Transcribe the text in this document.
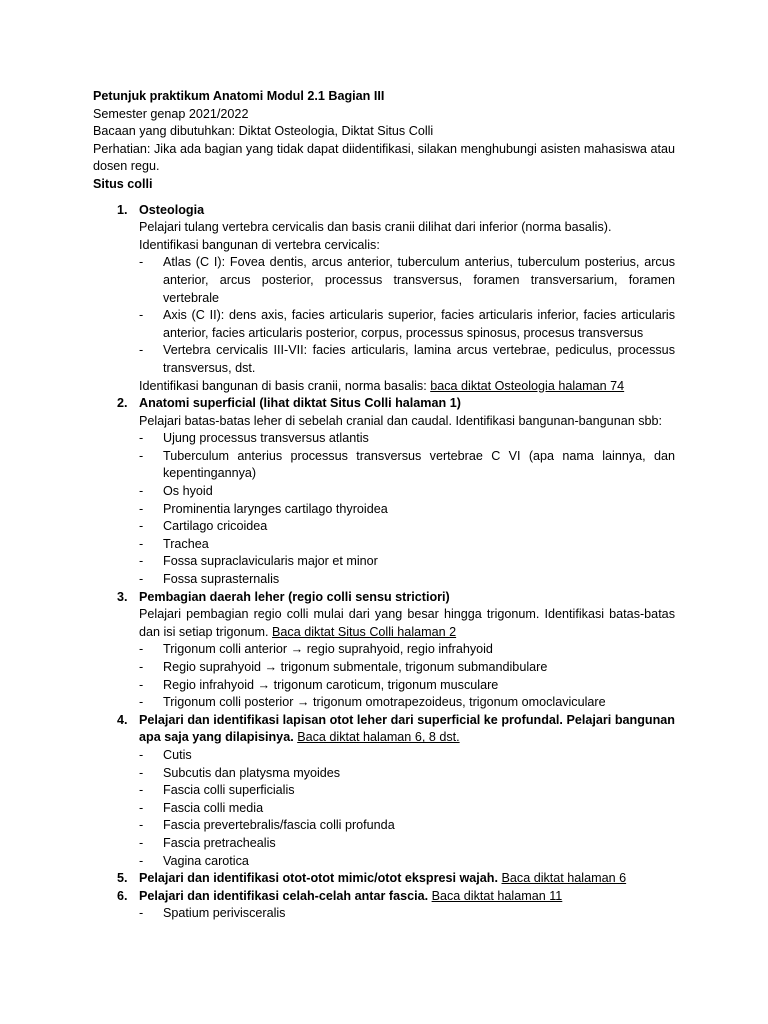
Petunjuk praktikum Anatomi Modul 2.1 Bagian III

Semester genap 2021/2022

Bacaan yang dibutuhkan: Diktat Osteologia, Diktat Situs Colli

Perhatian: Jika ada bagian yang tidak dapat diidentifikasi, silakan menghubungi asisten mahasiswa atau dosen regu.

Situs colli

1. Osteologia

Pelajari tulang vertebra cervicalis dan basis cranii dilihat dari inferior (norma basalis).

Identifikasi bangunan di vertebra cervicalis:

- Atlas (C I): Fovea dentis, arcus anterior, tuberculum anterius, tuberculum posterius, arcus anterior, arcus posterior, processus transversus, foramen transversarium, foramen vertebrale
- Axis (C II): dens axis, facies articularis superior, facies articularis inferior, facies articularis anterior, facies articularis posterior, corpus, processus spinosus, procesus transversus
- Vertebra cervicalis III-VII: facies articularis, lamina arcus vertebrae, pediculus, processus transversus, dst.

Identifikasi bangunan di basis cranii, norma basalis: baca diktat Osteologia halaman 74

2. Anatomi superficial (lihat diktat Situs Colli halaman 1)

Pelajari batas-batas leher di sebelah cranial dan caudal. Identifikasi bangunan-bangunan sbb:

- Ujung processus transversus atlantis
- Tuberculum anterius processus transversus vertebrae C VI (apa nama lainnya, dan kepentingannya)
- Os hyoid
- Prominentia larynges cartilago thyroidea
- Cartilago cricoidea
- Trachea
- Fossa supraclavicularis major et minor
- Fossa suprasternalis
3. Pembagian daerah leher (regio colli sensu strictiori)

Pelajari pembagian regio colli mulai dari yang besar hingga trigonum. Identifikasi batas-batas dan isi setiap trigonum. Baca diktat Situs Colli halaman 2

- Trigonum colli anterior → regio suprahyoid, regio infrahyoid
- Regio suprahyoid → trigonum submentale, trigonum submandibulare
- Regio infrahyoid → trigonum caroticum, trigonum musculare
- Trigonum colli posterior → trigonum omotrapezoideus, trigonum omoclaviculare
4. Pelajari dan identifikasi lapisan otot leher dari superficial ke profundal. Pelajari bangunan apa saja yang dilapisinya. Baca diktat halaman 6, 8 dst.

- Cutis
- Subcutis dan platysma myoides
- Fascia colli superficialis
- Fascia colli media
- Fascia prevertebralis/fascia colli profunda
- Fascia pretrachealis
- Vagina carotica
5. Pelajari dan identifikasi otot-otot mimic/otot ekspresi wajah. Baca diktat halaman 6

6. Pelajari dan identifikasi celah-celah antar fascia. Baca diktat halaman 11

- Spatium perivisceralis
